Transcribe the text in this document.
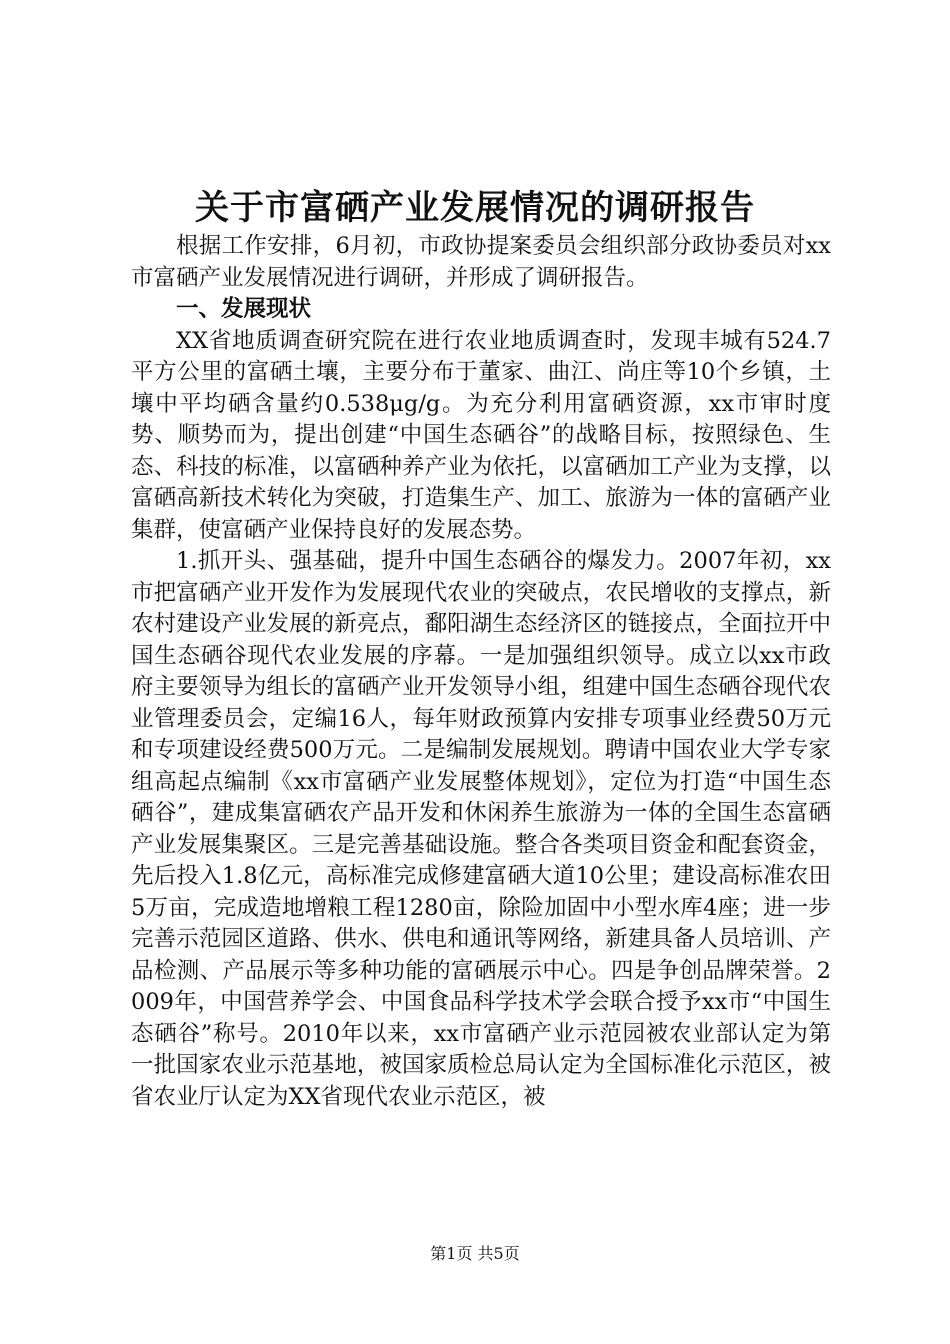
关于市富硒产业发展情况的调研报告

根据工作安排，6月初，市政协提案委员会组织部分政协委员对xx市富硒产业发展情况进行调研，并形成了调研报告。

一、发展现状

XX省地质调查研究院在进行农业地质调查时，发现丰城有524.7平方公里的富硒土壤，主要分布于董家、曲江、尚庄等10个乡镇，土壤中平均硒含量约0.538μg/g。为充分利用富硒资源，xx市审时度势、顺势而为，提出创建“中国生态硒谷”的战略目标，按照绿色、生态、科技的标准，以富硒种养产业为依托，以富硒加工产业为支撑，以富硒高新技术转化为突破，打造集生产、加工、旅游为一体的富硒产业集群，使富硒产业保持良好的发展态势。

1.抓开头、强基础，提升中国生态硒谷的爆发力。2007年初，xx市把富硒产业开发作为发展现代农业的突破点，农民增收的支撑点，新农村建设产业发展的新亮点，鄱阳湖生态经济区的链接点，全面拉开中国生态硒谷现代农业发展的序幕。一是加强组织领导。成立以xx市政府主要领导为组长的富硒产业开发领导小组，组建中国生态硒谷现代农业管理委员会，定编16人，每年财政预算内安排专项事业经费50万元和专项建设经费500万元。二是编制发展规划。聘请中国农业大学专家组高起点编制《xx市富硒产业发展整体规划》，定位为打造“中国生态硒谷”，建成集富硒农产品开发和休闲养生旅游为一体的全国生态富硒产业发展集聚区。三是完善基础设施。整合各类项目资金和配套资金，先后投入1.8亿元，高标准完成修建富硒大道10公里；建设高标准农田5万亩，完成造地增粮工程1280亩，除险加固中小型水库4座；进一步完善示范园区道路、供水、供电和通讯等网络，新建具备人员培训、产品检测、产品展示等多种功能的富硒展示中心。四是争创品牌荣誉。2009年，中国营养学会、中国食品科学技术学会联合授予xx市“中国生态硒谷”称号。2010年以来，xx市富硒产业示范园被农业部认定为第一批国家农业示范基地，被国家质检总局认定为全国标准化示范区，被省农业厅认定为XX省现代农业示范区，被

第1页 共5页
